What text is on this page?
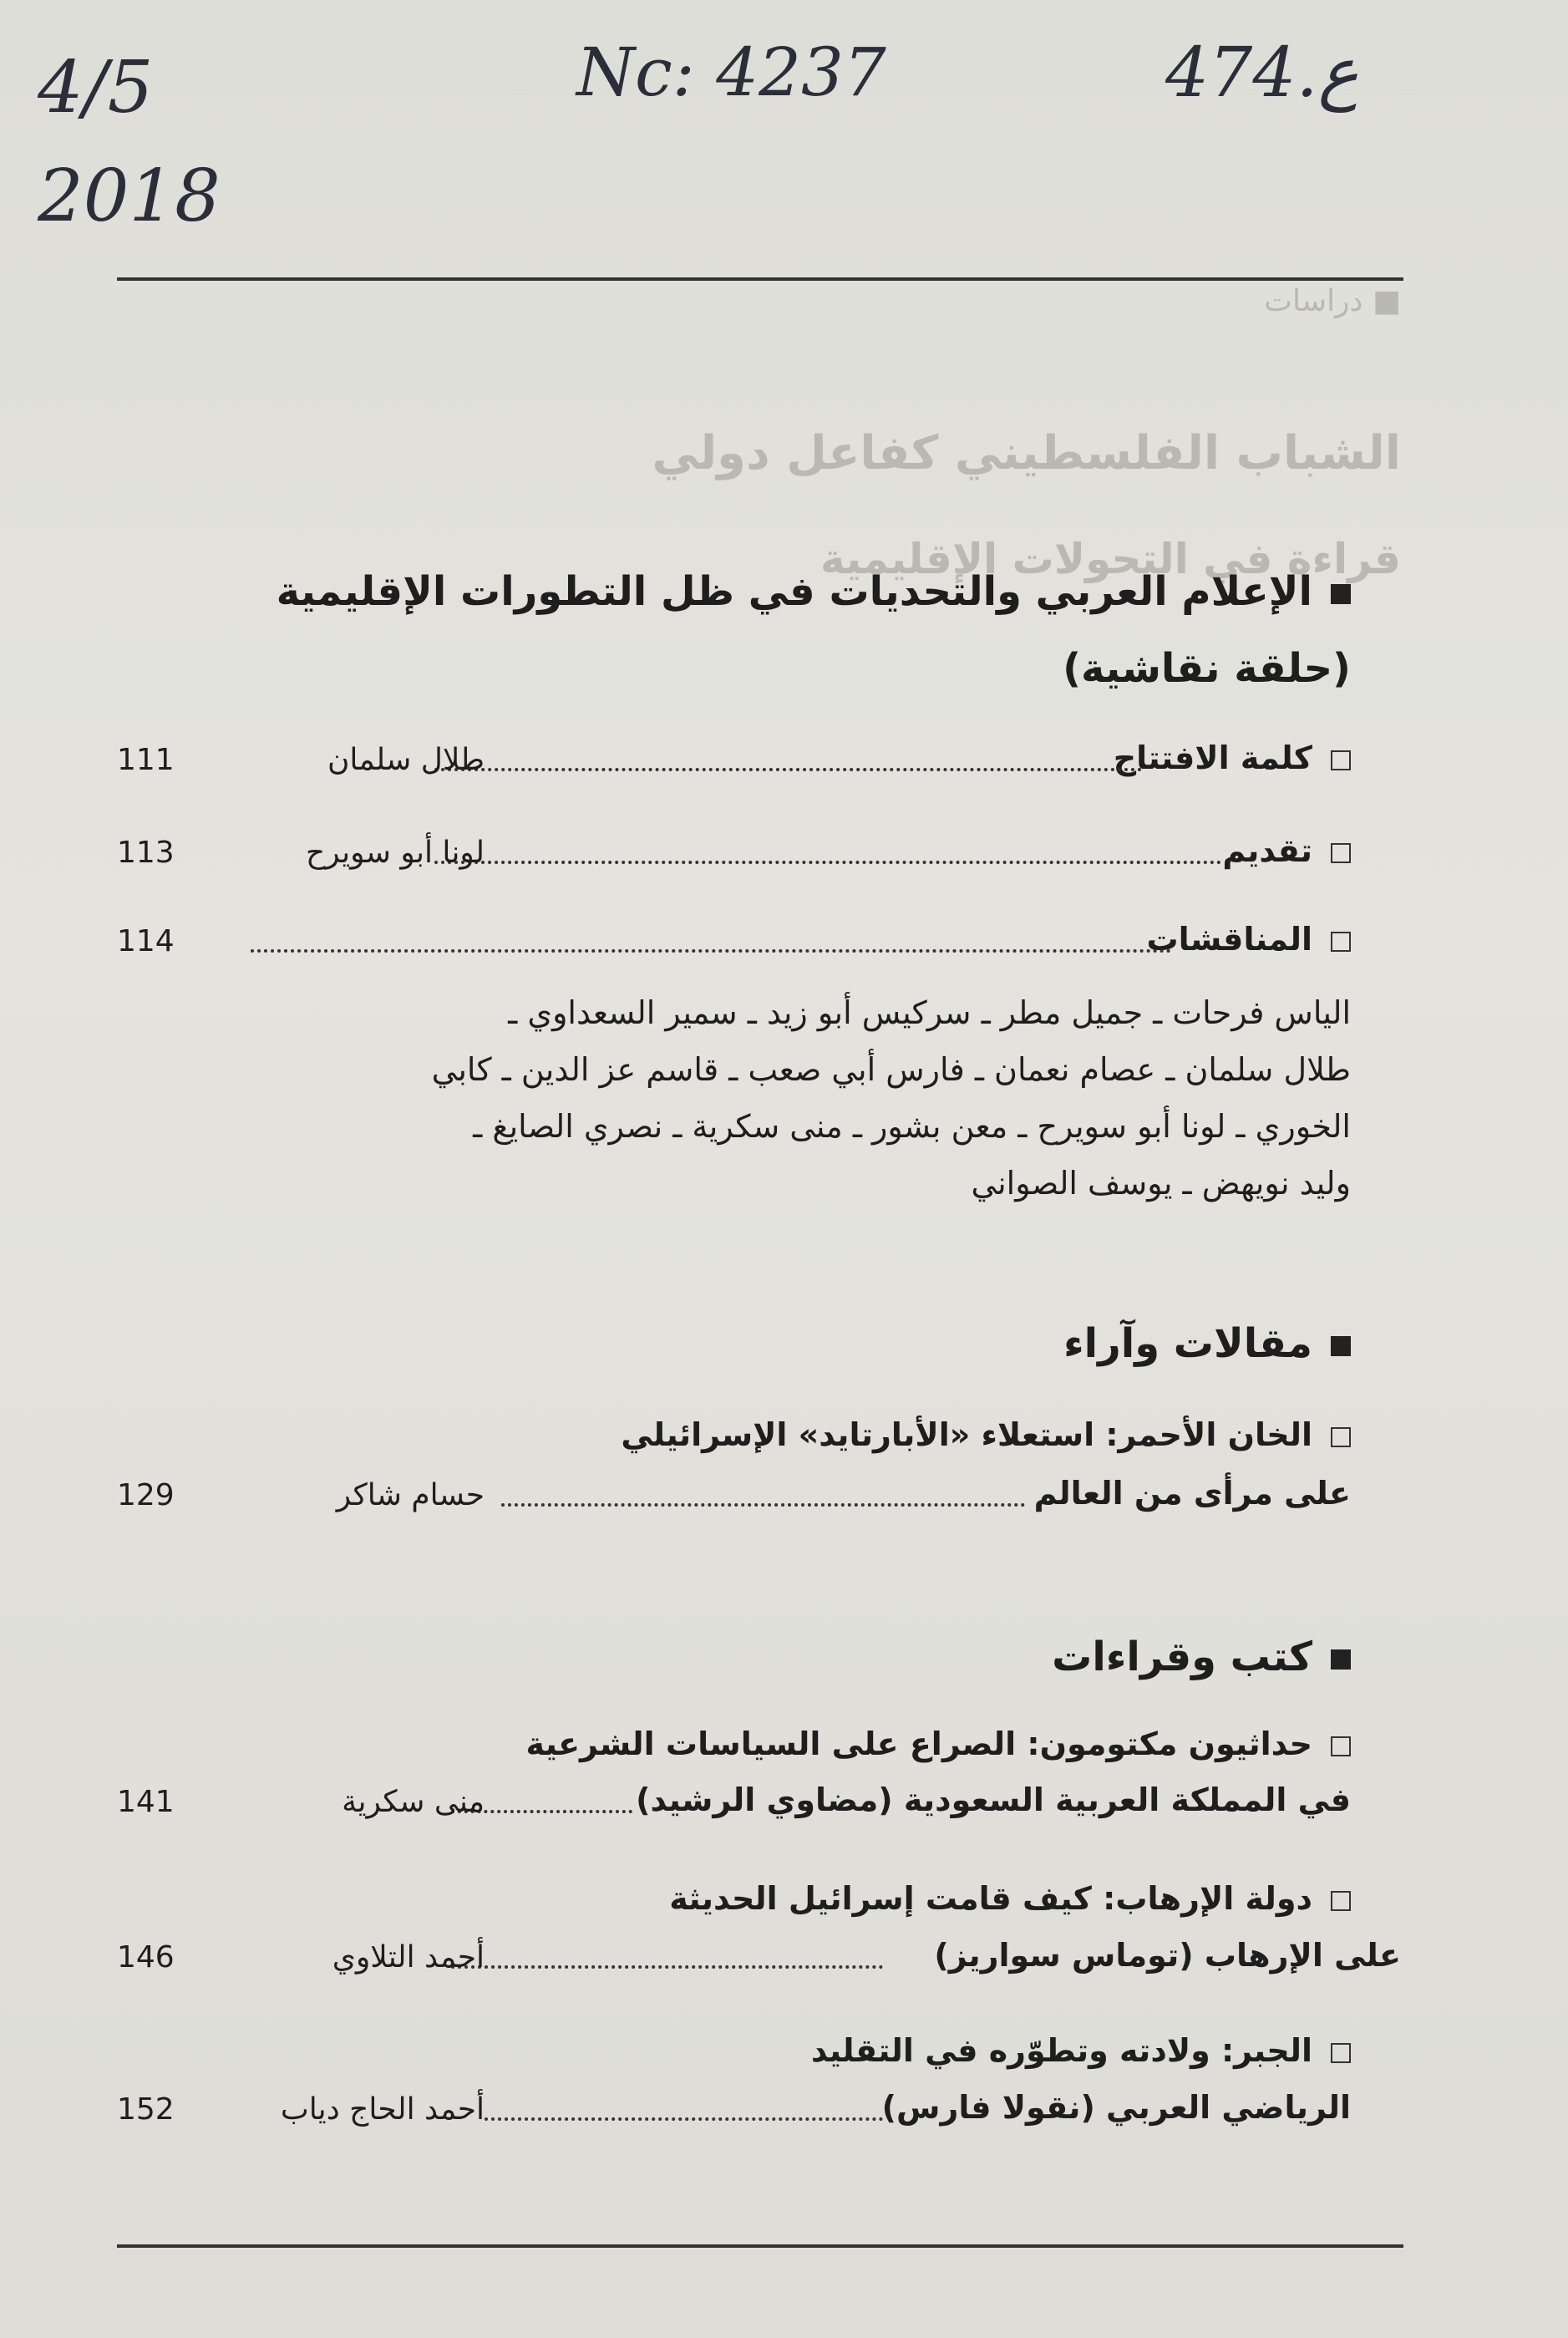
4/5
2018
Nc: 4237	474.ع
■ دراسات
الشباب الفلسطيني كفاعل دولي
قراءة في التحولات الإقليمية
الإعلام العربي والتحديات في ظل التطورات الإقليمية
(حلقة نقاشية)
كلمة الافتتاح
طلال سلمان
111
تقديم
لونا أبو سويرح
113
المناقشات
114
الياس فرحات ـ جميل مطر ـ سركيس أبو زيد ـ سمير السعداوي ـ
طلال سلمان ـ عصام نعمان ـ فارس أبي صعب ـ قاسم عز الدين ـ كابي
الخوري ـ لونا أبو سويرح ـ معن بشور ـ منى سكرية ـ نصري الصايغ ـ
وليد نويهض ـ يوسف الصواني
مقالات وآراء
الخان الأحمر: استعلاء «الأبارتايد» الإسرائيلي
على مرأى من العالم
حسام شاكر
129
كتب وقراءات
حداثيون مكتومون: الصراع على السياسات الشرعية
في المملكة العربية السعودية (مضاوي الرشيد)
منى سكرية
141
دولة الإرهاب: كيف قامت إسرائيل الحديثة
على الإرهاب (توماس سواريز)
أحمد التلاوي
146
الجبر: ولادته وتطوّره في التقليد
الرياضي العربي (نقولا فارس)
أحمد الحاج دياب
152
